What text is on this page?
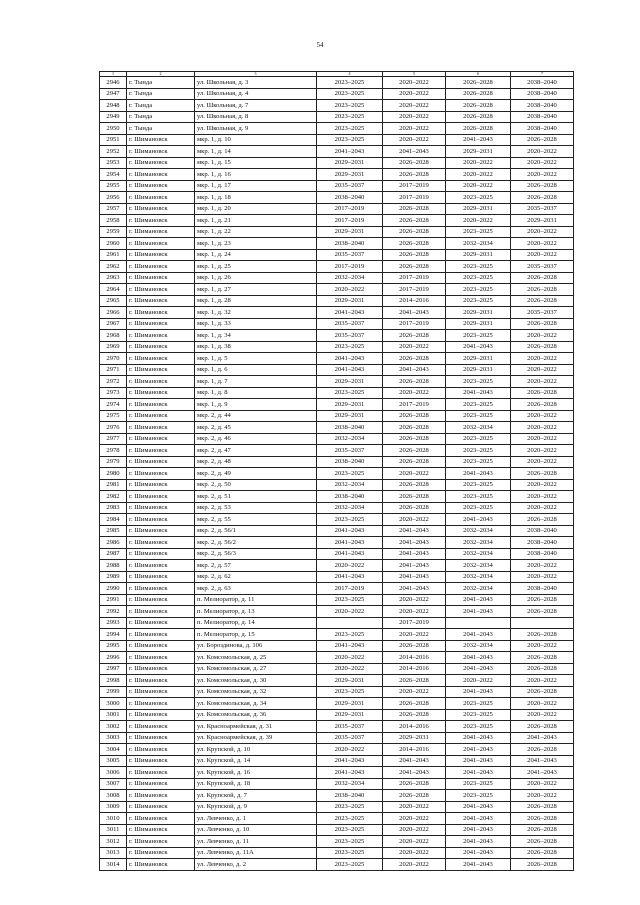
54
1	2	3	4	5	6	7
2946	г. Тында	ул. Школьная, д. 3	2023–2025	2020–2022	2026–2028	2038–2040
2947	г. Тында	ул. Школьная, д. 4	2023–2025	2020–2022	2026–2028	2038–2040
2948	г. Тында	ул. Школьная, д. 7	2023–2025	2020–2022	2026–2028	2038–2040
2949	г. Тында	ул. Школьная, д. 8	2023–2025	2020–2022	2026–2028	2038–2040
2950	г. Тында	ул. Школьная, д. 9	2023–2025	2020–2022	2026–2028	2038–2040
2951	г. Шимановск	мкр. 1, д. 10	2023–2025	2020–2022	2041–2043	2026–2028
2952	г. Шимановск	мкр. 1, д. 14	2041–2043	2041–2043	2029–2031	2020–2022
2953	г. Шимановск	мкр. 1, д. 15	2029–2031	2026–2028	2020–2022	2020–2022
2954	г. Шимановск	мкр. 1, д. 16	2029–2031	2026–2028	2020–2022	2020–2022
2955	г. Шимановск	мкр. 1, д. 17	2035–2037	2017–2019	2020–2022	2026–2028
2956	г. Шимановск	мкр. 1, д. 18	2038–2040	2017–2019	2023–2025	2026–2028
2957	г. Шимановск	мкр. 1, д. 20	2017–2019	2026–2028	2029–2031	2035–2037
2958	г. Шимановск	мкр. 1, д. 21	2017–2019	2026–2028	2020–2022	2029–2031
2959	г. Шимановск	мкр. 1, д. 22	2029–2031	2026–2028	2023–2025	2020–2022
2960	г. Шимановск	мкр. 1, д. 23	2038–2040	2026–2028	2032–2034	2020–2022
2961	г. Шимановск	мкр. 1, д. 24	2035–2037	2026–2028	2029–2031	2020–2022
2962	г. Шимановск	мкр. 1, д. 25	2017–2019	2026–2028	2023–2025	2035–2037
2963	г. Шимановск	мкр. 1, д. 26	2032–2034	2017–2019	2023–2025	2026–2028
2964	г. Шимановск	мкр. 1, д. 27	2020–2022	2017–2019	2023–2025	2026–2028
2965	г. Шимановск	мкр. 1, д. 28	2029–2031	2014–2016	2023–2025	2026–2028
2966	г. Шимановск	мкр. 1, д. 32	2041–2043	2041–2043	2029–2031	2035–2037
2967	г. Шимановск	мкр. 1, д. 33	2035–2037	2017–2019	2029–2031	2026–2028
2968	г. Шимановск	мкр. 1, д. 34	2035–2037	2026–2028	2023–2025	2020–2022
2969	г. Шимановск	мкр. 1, д. 38	2023–2025	2020–2022	2041–2043	2026–2028
2970	г. Шимановск	мкр. 1, д. 5	2041–2043	2026–2028	2029–2031	2020–2022
2971	г. Шимановск	мкр. 1, д. 6	2041–2043	2041–2043	2029–2031	2020–2022
2972	г. Шимановск	мкр. 1, д. 7	2029–2031	2026–2028	2023–2025	2020–2022
2973	г. Шимановск	мкр. 1, д. 8	2023–2025	2020–2022	2041–2043	2026–2028
2974	г. Шимановск	мкр. 1, д. 9	2029–2031	2017–2019	2023–2025	2026–2028
2975	г. Шимановск	мкр. 2, д. 44	2029–2031	2026–2028	2023–2025	2020–2022
2976	г. Шимановск	мкр. 2, д. 45	2038–2040	2026–2028	2032–2034	2020–2022
2977	г. Шимановск	мкр. 2, д. 46	2032–2034	2026–2028	2023–2025	2020–2022
2978	г. Шимановск	мкр. 2, д. 47	2035–2037	2026–2028	2023–2025	2020–2022
2979	г. Шимановск	мкр. 2, д. 48	2038–2040	2026–2028	2023–2025	2020–2022
2980	г. Шимановск	мкр. 2, д. 49	2023–2025	2020–2022	2041–2043	2026–2028
2981	г. Шимановск	мкр. 2, д. 50	2032–2034	2026–2028	2023–2025	2020–2022
2982	г. Шимановск	мкр. 2, д. 51	2038–2040	2026–2028	2023–2025	2020–2022
2983	г. Шимановск	мкр. 2, д. 53	2032–2034	2026–2028	2023–2025	2020–2022
2984	г. Шимановск	мкр. 2, д. 55	2023–2025	2020–2022	2041–2043	2026–2028
2985	г. Шимановск	мкр. 2, д. 56/1	2041–2043	2041–2043	2032–2034	2038–2040
2986	г. Шимановск	мкр. 2, д. 56/2	2041–2043	2041–2043	2032–2034	2038–2040
2987	г. Шимановск	мкр. 2, д. 56/3	2041–2043	2041–2043	2032–2034	2038–2040
2988	г. Шимановск	мкр. 2, д. 57	2020–2022	2041–2043	2032–2034	2020–2022
2989	г. Шимановск	мкр. 2, д. 62	2041–2043	2041–2043	2032–2034	2020–2022
2990	г. Шимановск	мкр. 2, д. 63	2017–2019	2041–2043	2032–2034	2038–2040
2991	г. Шимановск	п. Мелиоратор, д. 11	2023–2025	2020–2022	2041–2043	2026–2028
2992	г. Шимановск	п. Мелиоратор, д. 13	2020–2022	2020–2022	2041–2043	2026–2028
2993	г. Шимановск	п. Мелиоратор, д. 14		2017–2019		
2994	г. Шимановск	п. Мелиоратор, д. 15	2023–2025	2020–2022	2041–2043	2026–2028
2995	г. Шимановск	ул. Бороздинова, д. 106	2041–2043	2026–2028	2032–2034	2020–2022
2996	г. Шимановск	ул. Комсомольская, д. 25	2020–2022	2014–2016	2041–2043	2026–2028
2997	г. Шимановск	ул. Комсомольская, д. 27	2020–2022	2014–2016	2041–2043	2026–2028
2998	г. Шимановск	ул. Комсомольская, д. 30	2029–2031	2026–2028	2020–2022	2020–2022
2999	г. Шимановск	ул. Комсомольская, д. 32	2023–2025	2020–2022	2041–2043	2026–2028
3000	г. Шимановск	ул. Комсомольская, д. 34	2029–2031	2026–2028	2023–2025	2020–2022
3001	г. Шимановск	ул. Комсомольская, д. 36	2029–2031	2026–2028	2023–2025	2020–2022
3002	г. Шимановск	ул. Красноармейская, д. 31	2035–2037	2014–2016	2023–2025	2026–2028
3003	г. Шимановск	ул. Красноармейская, д. 39	2035–2037	2029–2031	2041–2043	2041–2043
3004	г. Шимановск	ул. Крупской, д. 10	2020–2022	2014–2016	2041–2043	2026–2028
3005	г. Шимановск	ул. Крупской, д. 14	2041–2043	2041–2043	2041–2043	2041–2043
3006	г. Шимановск	ул. Крупской, д. 16	2041–2043	2041–2043	2041–2043	2041–2043
3007	г. Шимановск	ул. Крупской, д. 18	2032–2034	2026–2028	2023–2025	2020–2022
3008	г. Шимановск	ул. Крупской, д. 7	2038–2040	2026–2028	2023–2025	2020–2022
3009	г. Шимановск	ул. Крупской, д. 9	2023–2025	2020–2022	2041–2043	2026–2028
3010	г. Шимановск	ул. Левченко, д. 1	2023–2025	2020–2022	2041–2043	2026–2028
3011	г. Шимановск	ул. Левченко, д. 10	2023–2025	2020–2022	2041–2043	2026–2028
3012	г. Шимановск	ул. Левченко, д. 11	2023–2025	2020–2022	2041–2043	2026–2028
3013	г. Шимановск	ул. Левченко, д. 11А	2023–2025	2020–2022	2041–2043	2026–2028
3014	г. Шимановск	ул. Левченко, д. 2	2023–2025	2020–2022	2041–2043	2026–2028
